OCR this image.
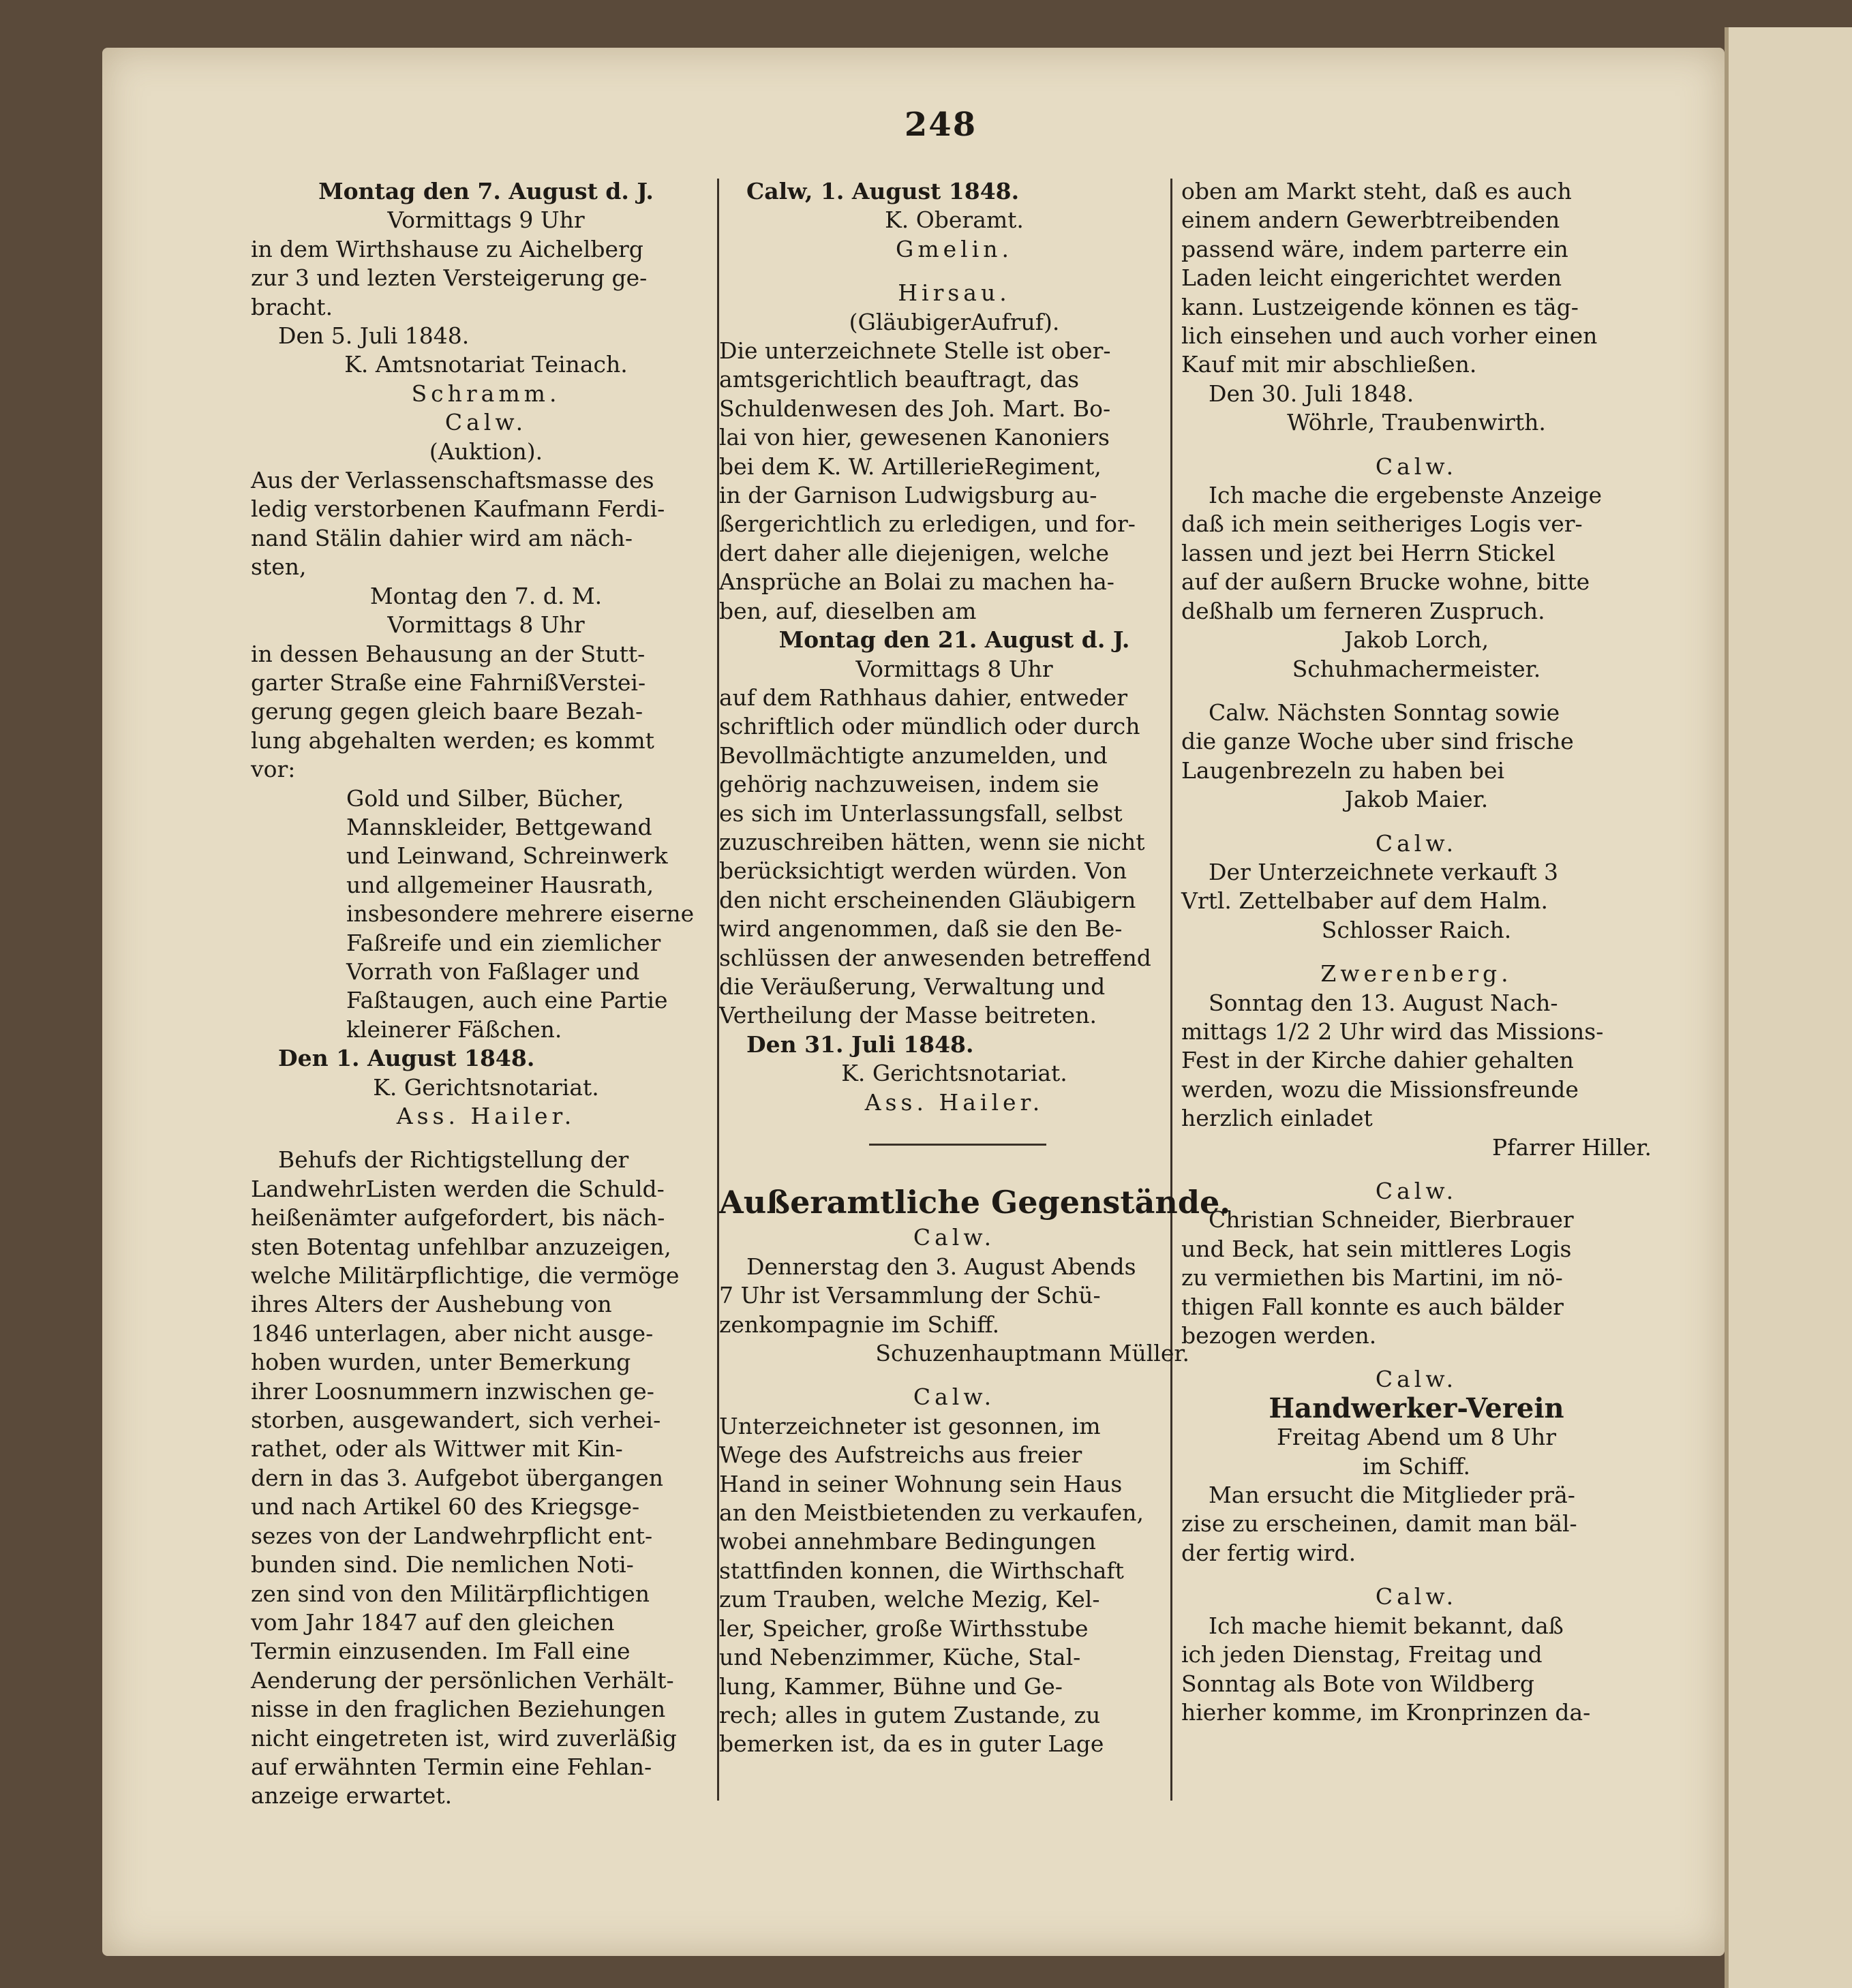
248
Montag den 7. August d. J.
Vormittags 9 Uhr
in dem Wirthshause zu Aichelberg
zur 3 und lezten Versteigerung ge-
bracht.
Den 5. Juli 1848.
K. Amtsnotariat Teinach.
Schramm.
Calw.
(Auktion).
Aus der Verlassenschaftsmasse des
ledig verstorbenen Kaufmann Ferdi-
nand Stälin dahier wird am näch-
sten,
Montag den 7. d. M.
Vormittags 8 Uhr
in dessen Behausung an der Stutt-
garter Straße eine FahrnißVerstei-
gerung gegen gleich baare Bezah-
lung abgehalten werden; es kommt
vor:
Gold und Silber, Bücher,
Mannskleider, Bettgewand
und Leinwand, Schreinwerk
und allgemeiner Hausrath,
insbesondere mehrere eiserne
Faßreife und ein ziemlicher
Vorrath von Faßlager und
Faßtaugen, auch eine Partie
kleinerer Fäßchen.
Den 1. August 1848.
K. Gerichtsnotariat.
Ass. Hailer.
Behufs der Richtigstellung der
LandwehrListen werden die Schuld-
heißenämter aufgefordert, bis näch-
sten Botentag unfehlbar anzuzeigen,
welche Militärpflichtige, die vermöge
ihres Alters der Aushebung von
1846 unterlagen, aber nicht ausge-
hoben wurden, unter Bemerkung
ihrer Loosnummern inzwischen ge-
storben, ausgewandert, sich verhei-
rathet, oder als Wittwer mit Kin-
dern in das 3. Aufgebot übergangen
und nach Artikel 60 des Kriegsge-
sezes von der Landwehrpflicht ent-
bunden sind. Die nemlichen Noti-
zen sind von den Militärpflichtigen
vom Jahr 1847 auf den gleichen
Termin einzusenden. Im Fall eine
Aenderung der persönlichen Verhält-
nisse in den fraglichen Beziehungen
nicht eingetreten ist, wird zuverläßig
auf erwähnten Termin eine Fehlan-
anzeige erwartet.
Calw, 1. August 1848.
K. Oberamt.
Gmelin.
Hirsau.
(GläubigerAufruf).
Die unterzeichnete Stelle ist ober-
amtsgerichtlich beauftragt, das
Schuldenwesen des Joh. Mart. Bo-
lai von hier, gewesenen Kanoniers
bei dem K. W. ArtillerieRegiment,
in der Garnison Ludwigsburg au-
ßergerichtlich zu erledigen, und for-
dert daher alle diejenigen, welche
Ansprüche an Bolai zu machen ha-
ben, auf, dieselben am
Montag den 21. August d. J.
Vormittags 8 Uhr
auf dem Rathhaus dahier, entweder
schriftlich oder mündlich oder durch
Bevollmächtigte anzumelden, und
gehörig nachzuweisen, indem sie
es sich im Unterlassungsfall, selbst
zuzuschreiben hätten, wenn sie nicht
berücksichtigt werden würden. Von
den nicht erscheinenden Gläubigern
wird angenommen, daß sie den Be-
schlüssen der anwesenden betreffend
die Veräußerung, Verwaltung und
Vertheilung der Masse beitreten.
Den 31. Juli 1848.
K. Gerichtsnotariat.
Ass. Hailer.
Außeramtliche Gegenstände.
Calw.
Dennerstag den 3. August Abends
7 Uhr ist Versammlung der Schü-
zenkompagnie im Schiff.
Schuzenhauptmann Müller.
Calw.
Unterzeichneter ist gesonnen, im
Wege des Aufstreichs aus freier
Hand in seiner Wohnung sein Haus
an den Meistbietenden zu verkaufen,
wobei annehmbare Bedingungen
stattfinden konnen, die Wirthschaft
zum Trauben, welche Mezig, Kel-
ler, Speicher, große Wirthsstube
und Nebenzimmer, Küche, Stal-
lung, Kammer, Bühne und Ge-
rech; alles in gutem Zustande, zu
bemerken ist, da es in guter Lage
oben am Markt steht, daß es auch
einem andern Gewerbtreibenden
passend wäre, indem parterre ein
Laden leicht eingerichtet werden
kann. Lustzeigende können es täg-
lich einsehen und auch vorher einen
Kauf mit mir abschließen.
Den 30. Juli 1848.
Wöhrle, Traubenwirth.
Calw.
Ich mache die ergebenste Anzeige
daß ich mein seitheriges Logis ver-
lassen und jezt bei Herrn Stickel
auf der außern Brucke wohne, bitte
deßhalb um ferneren Zuspruch.
Jakob Lorch,
Schuhmachermeister.
Calw. Nächsten Sonntag sowie
die ganze Woche uber sind frische
Laugenbrezeln zu haben bei
Jakob Maier.
Calw.
Der Unterzeichnete verkauft 3
Vrtl. Zettelbaber auf dem Halm.
Schlosser Raich.
Zwerenberg.
Sonntag den 13. August Nach-
mittags 1/2 2 Uhr wird das Missions-
Fest in der Kirche dahier gehalten
werden, wozu die Missionsfreunde
herzlich einladet
Pfarrer Hiller.
Calw.
Christian Schneider, Bierbrauer
und Beck, hat sein mittleres Logis
zu vermiethen bis Martini, im nö-
thigen Fall konnte es auch bälder
bezogen werden.
Calw.
Handwerker-Verein
Freitag Abend um 8 Uhr
im Schiff.
Man ersucht die Mitglieder prä-
zise zu erscheinen, damit man bäl-
der fertig wird.
Calw.
Ich mache hiemit bekannt, daß
ich jeden Dienstag, Freitag und
Sonntag als Bote von Wildberg
hierher komme, im Kronprinzen da-
